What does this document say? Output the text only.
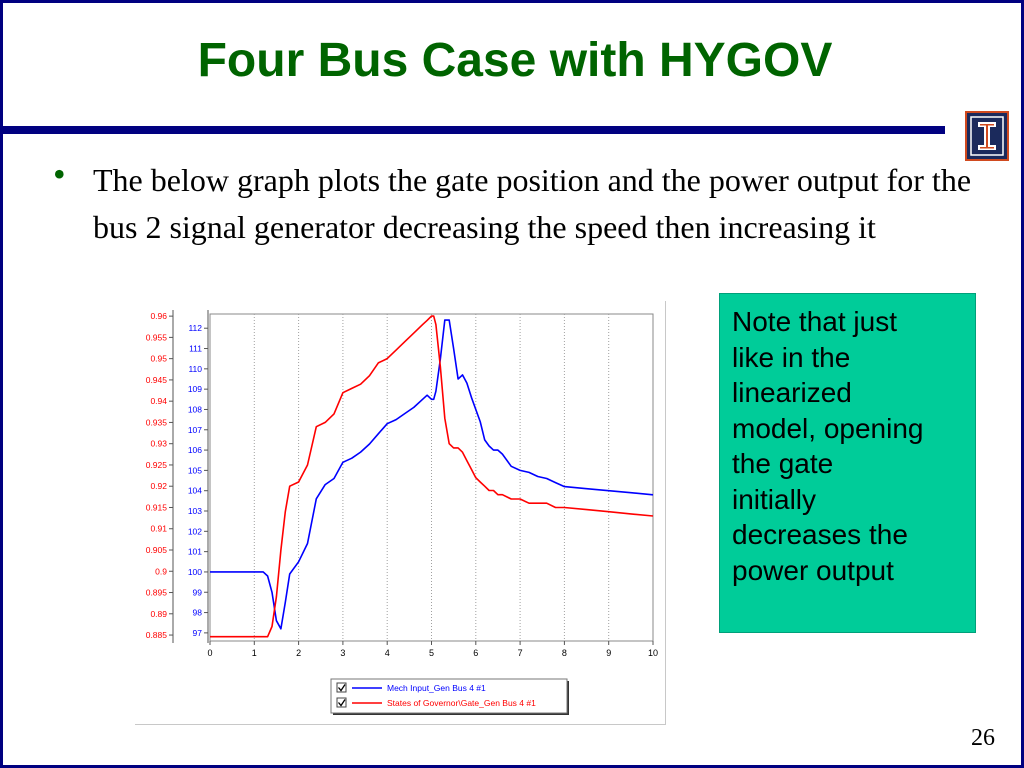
Four Bus Case with HYGOV
• The below graph plots the gate position and the power output for the bus 2 signal generator decreasing the speed then increasing it
0	1	2	3	4	5	6	7	8	9	10
97
98
99
100
101
102
103
104
105
106
107
108
109
110
111
112
0.885
0.89
0.895
0.9
0.905
0.91
0.915
0.92
0.925
0.93
0.935
0.94
0.945
0.95
0.955
0.96
Mech Input_Gen Bus 4 #1
States of Governor\Gate_Gen Bus 4 #1
Note that just
like in the
linearized
model, opening
the gate
initially
decreases the
power output
26
